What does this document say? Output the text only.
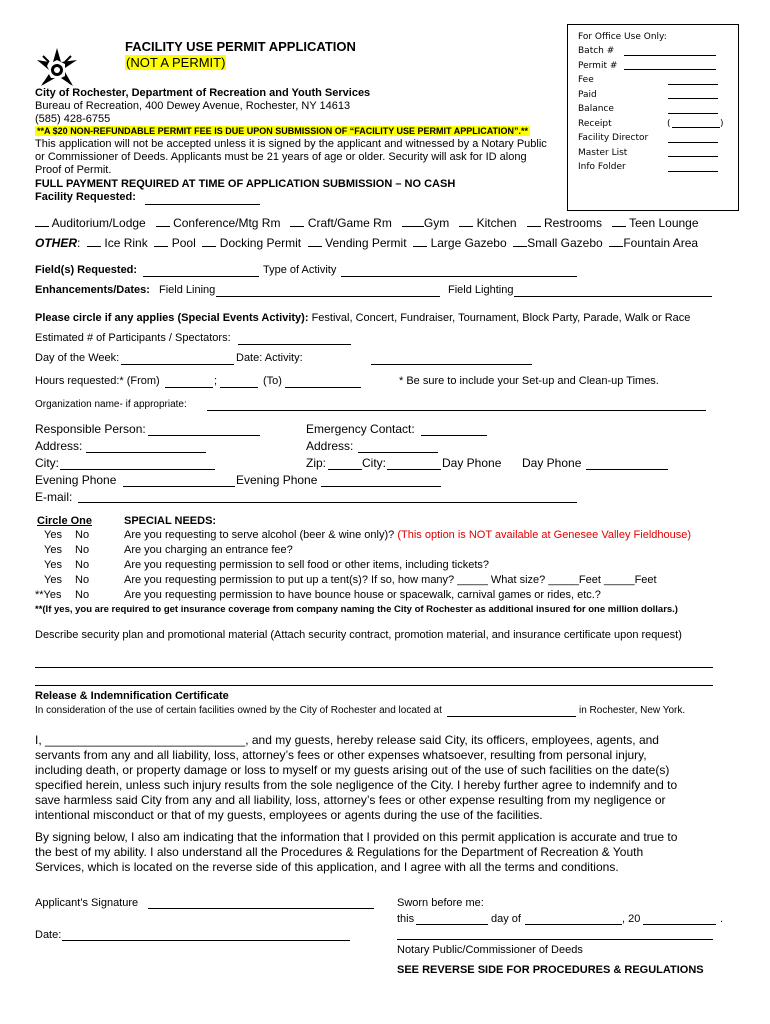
FACILITY USE PERMIT APPLICATION
(NOT A PERMIT)
City of Rochester, Department of Recreation and Youth Services
Bureau of Recreation, 400 Dewey Avenue, Rochester, NY 14613
(585) 428-6755
**A $20 NON-REFUNDABLE PERMIT FEE IS DUE UPON SUBMISSION OF “FACILITY USE PERMIT APPLICATION”.**
This application will not be accepted unless it is signed by the applicant and witnessed by a Notary Public
or Commissioner of Deeds. Applicants must be 21 years of age or older. Security will ask for ID along
Proof of Permit.
FULL PAYMENT REQUIRED AT TIME OF APPLICATION SUBMISSION – NO CASH
Facility Requested:
For Office Use Only:
Batch #
Permit #
Fee
Paid
Balance
Receipt	(	)
Facility Director
Master List
Info Folder
Auditorium/Lodge Conference/Mtg Rm Craft/Game Rm	Gym Kitchen Restrooms Teen Lounge
OTHER:   Ice Rink Pool Docking Permit Vending Permit Large Gazebo Small Gazebo Fountain Area
Field(s) Requested:	Type of Activity
Enhancements/Dates: Field Lining	Field Lighting
Please circle if any applies (Special Events Activity): Festival, Concert, Fundraiser, Tournament, Block Party, Parade, Walk or Race
Estimated # of Participants / Spectators:
Day of the Week:	Date: Activity:
Hours requested:* (From)	;	(To)	* Be sure to include your Set-up and Clean-up Times.
Organization name- if appropriate:
Responsible Person:	Emergency Contact:
Address:	Address:
City:	Zip:	City:	Day Phone Day Phone
Evening Phone	Evening Phone
E-mail:
Circle One	SPECIAL NEEDS:
Yes No	Are you requesting to serve alcohol (beer & wine only)? (This option is NOT available at Genesee Valley Fieldhouse)
Yes No	Are you charging an entrance fee?
Yes No	Are you requesting permission to sell food or other items, including tickets?
Yes No	Are you requesting permission to put up a tent(s)? If so, how many? _____ What size? _____Feet _____Feet
**Yes No	Are you requesting permission to have bounce house or spacewalk, carnival games or rides, etc.?
**(If yes, you are required to get insurance coverage from company naming the City of Rochester as additional insured for one million dollars.)
Describe security plan and promotional material (Attach security contract, promotion material, and insurance certificate upon request)
Release & Indemnification Certificate
In consideration of the use of certain facilities owned by the City of Rochester and located at	in Rochester, New York.
I, ______________________________, and my guests, hereby release said City, its officers, employees, agents, and
servants from any and all liability, loss, attorney’s fees or other expenses whatsoever, resulting from personal injury,
including death, or property damage or loss to myself or my guests arising out of the use of such facilities on the date(s)
specified herein, unless such injury results from the sole negligence of the City. I hereby further agree to indemnify and to
save harmless said City from any and all liability, loss, attorney’s fees or other expense resulting from my negligence or
intentional misconduct or that of my guests, employees or agents during the use of the facilities.
By signing below, I also am indicating that the information that I provided on this permit application is accurate and true to
the best of my ability. I also understand all the Procedures & Regulations for the Department of Recreation & Youth
Services, which is located on the reverse side of this application, and I agree with all the terms and conditions.
Applicant’s Signature	Sworn before me:
this	day of	, 20	.
Date:
Notary Public/Commissioner of Deeds
SEE REVERSE SIDE FOR PROCEDURES & REGULATIONS
